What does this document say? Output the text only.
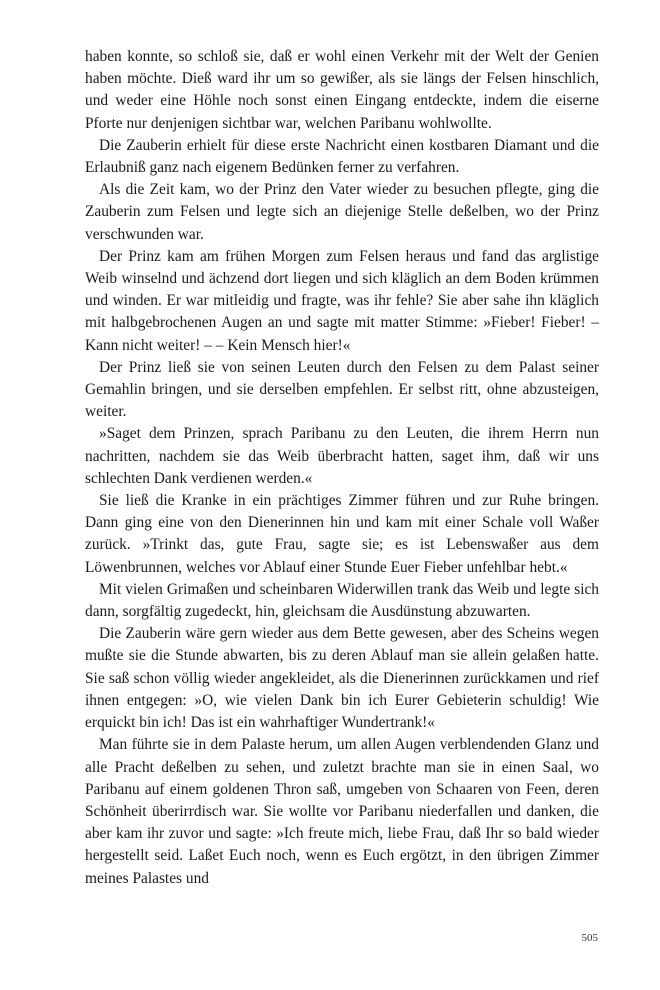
haben konnte, so schloß sie, daß er wohl einen Verkehr mit der Welt der Genien haben möchte. Dieß ward ihr um so gewißer, als sie längs der Felsen hinschlich, und weder eine Höhle noch sonst einen Eingang entdeckte, indem die eiserne Pforte nur denjenigen sichtbar war, welchen Paribanu wohlwollte.

Die Zauberin erhielt für diese erste Nachricht einen kostbaren Diamant und die Erlaubniß ganz nach eigenem Bedünken ferner zu verfahren.

Als die Zeit kam, wo der Prinz den Vater wieder zu besuchen pflegte, ging die Zauberin zum Felsen und legte sich an diejenige Stelle deßelben, wo der Prinz verschwunden war.

Der Prinz kam am frühen Morgen zum Felsen heraus und fand das arglistige Weib winselnd und ächzend dort liegen und sich kläglich an dem Boden krümmen und winden. Er war mitleidig und fragte, was ihr fehle? Sie aber sahe ihn kläglich mit halbgebrochenen Augen an und sagte mit matter Stimme: »Fieber! Fieber! – Kann nicht weiter! – – Kein Mensch hier!«

Der Prinz ließ sie von seinen Leuten durch den Felsen zu dem Palast seiner Gemahlin bringen, und sie derselben empfehlen. Er selbst ritt, ohne abzusteigen, weiter.

»Saget dem Prinzen, sprach Paribanu zu den Leuten, die ihrem Herrn nun nachritten, nachdem sie das Weib überbracht hatten, saget ihm, daß wir uns schlechten Dank verdienen werden.«

Sie ließ die Kranke in ein prächtiges Zimmer führen und zur Ruhe bringen. Dann ging eine von den Dienerinnen hin und kam mit einer Schale voll Waßer zurück. »Trinkt das, gute Frau, sagte sie; es ist Lebenswaßer aus dem Löwenbrunnen, welches vor Ablauf einer Stunde Euer Fieber unfehlbar hebt.«

Mit vielen Grimaßen und scheinbaren Widerwillen trank das Weib und legte sich dann, sorgfältig zugedeckt, hin, gleichsam die Ausdünstung abzuwarten.

Die Zauberin wäre gern wieder aus dem Bette gewesen, aber des Scheins wegen mußte sie die Stunde abwarten, bis zu deren Ablauf man sie allein gelaßen hatte. Sie saß schon völlig wieder angekleidet, als die Dienerinnen zurückkamen und rief ihnen entgegen: »O, wie vielen Dank bin ich Eurer Gebieterin schuldig! Wie erquickt bin ich! Das ist ein wahrhaftiger Wundertrank!«

Man führte sie in dem Palaste herum, um allen Augen verblendenden Glanz und alle Pracht deßelben zu sehen, und zuletzt brachte man sie in einen Saal, wo Paribanu auf einem goldenen Thron saß, umgeben von Schaaren von Feen, deren Schönheit überirrdisch war. Sie wollte vor Paribanu niederfallen und danken, die aber kam ihr zuvor und sagte: »Ich freute mich, liebe Frau, daß Ihr so bald wieder hergestellt seid. Laßet Euch noch, wenn es Euch ergötzt, in den übrigen Zimmer meines Palastes und

505
